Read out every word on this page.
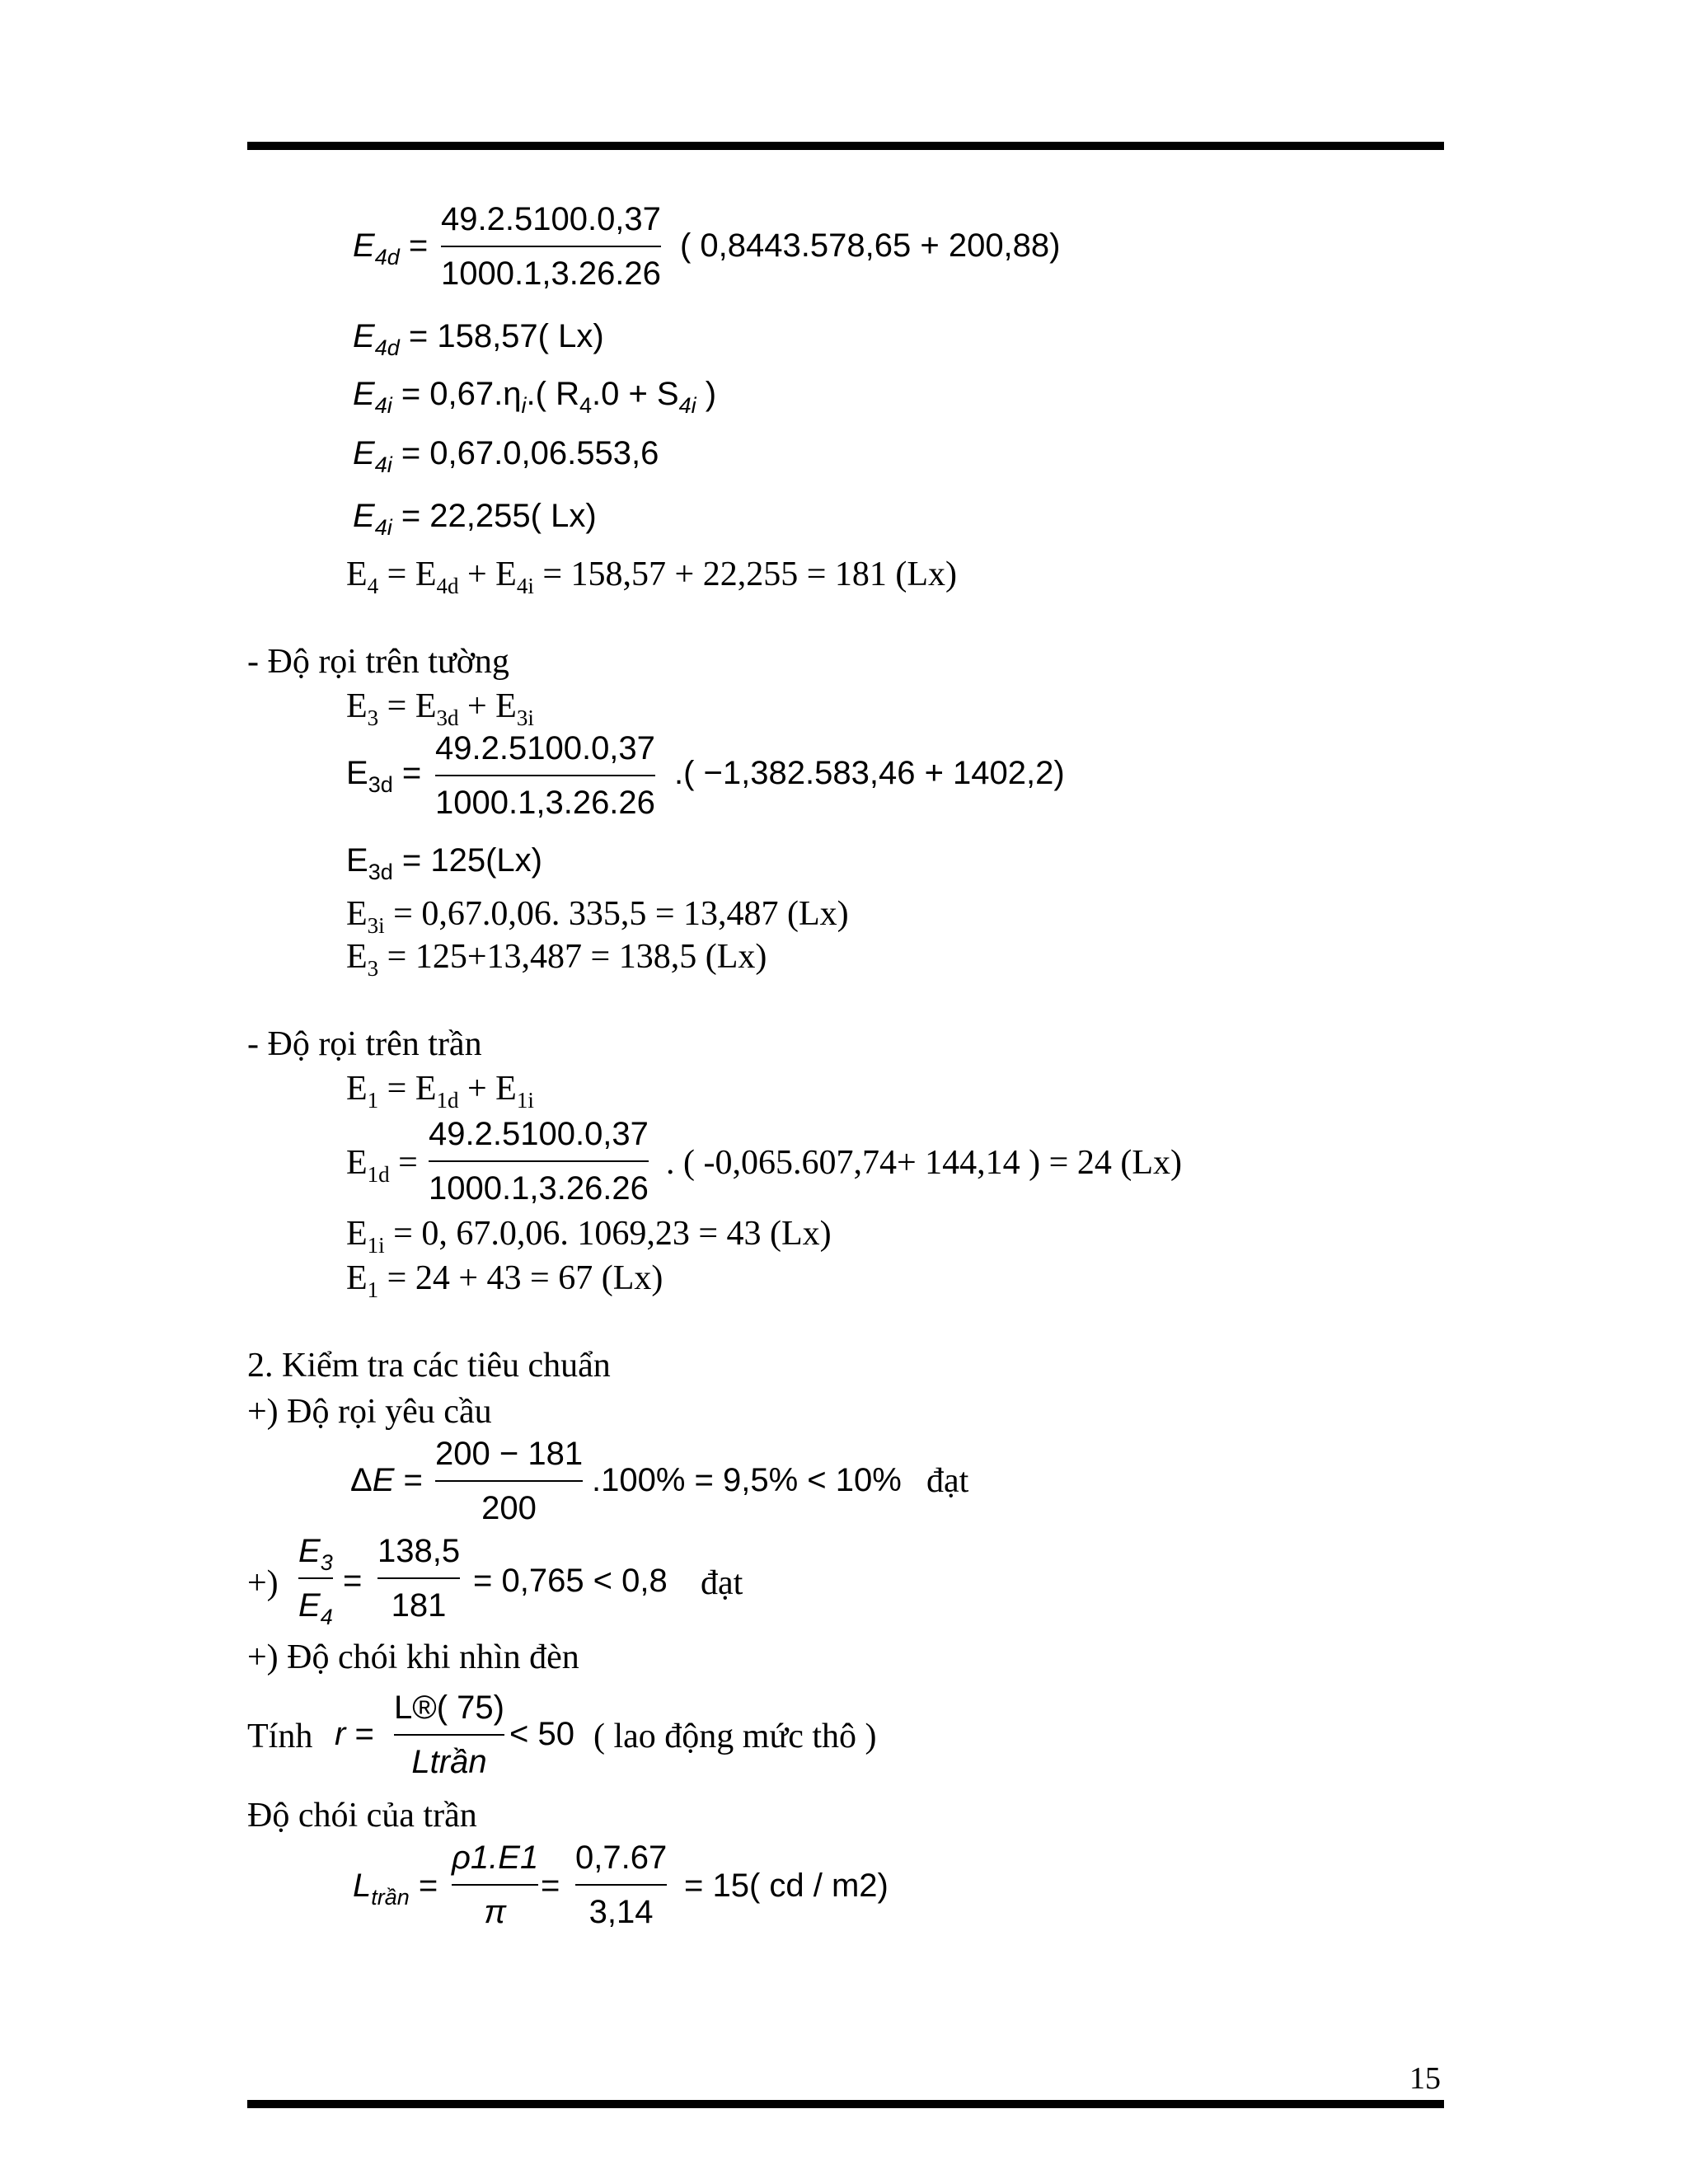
$E_{4d}$ =
49.2.5100.0,37
1000.1,3.26.26
( 0,8443.578,65 + 200,88)
$E_{4d} = 158,57$( Lx)
$E_{4i} = 0,67.\eta_i$.( $R_4.0 + S_{4i}$ )
$E_{4i} = 0,67.0,06.553,6$
$E_{4i} = 22,255$( Lx)
$E_4 = E_{4d} + E_{4i} = 158,57 + 22,255 = 181$ (Lx)
- Độ rọi trên tường
$E_3 = E_{3d} + E_{3i}$
$E_{3d}$ =
49.2.5100.0,37
1000.1,3.26.26
.( −1,382.583,46 + 1402,2)
$E_{3d} = 125(Lx)$
$E_{3i} = 0,67.0,06$. 335,5 = 13,487 (Lx)
$E_3 = 125+13,487 = 138,5$ (Lx)
- Độ rọi trên trần
$E_1 = E_{1d} + E_{1i}$
$E_{1d}$ =
49.2.5100.0,37
1000.1,3.26.26
. ( -0,065.607,74+ 144,14 ) = 24 (Lx)
$E_{1i} = 0$, 67.0,06. 1069,23 = 43 (Lx)
$E_1 = 24 + 43 = 67$ (Lx)
2. Kiểm tra các tiêu chuẩn
+) Độ rọi yêu cầu
ΔE =
200 − 181
200
.100% = 9,5% < 10% đạt
+)
$E_3$
$E_4$
=
138,5
181
= 0,765 < 0,8 đạt
+) Độ chói khi nhìn đèn
Tính r =
L®( 75)
Ltrần
< 50 ( lao động mức thô )
Độ chói của trần
$L_{trần}$ =
ρ1.E1
π
=
0,7.67
3,14
= 15( cd / m2)
15
